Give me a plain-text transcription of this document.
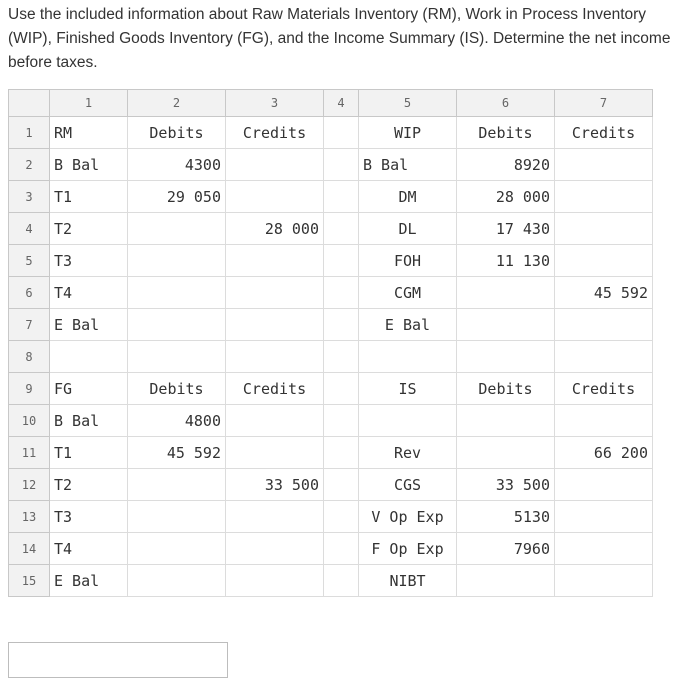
Use the included information about Raw Materials Inventory (RM), Work in Process Inventory (WIP), Finished Goods Inventory (FG), and the Income Summary (IS). Determine the net income before taxes.

	1	2	3	4	5	6	7
1	RM	Debits	Credits		WIP	Debits	Credits
2	B Bal	4300			B Bal	8920	
3	T1	29 050			DM	28 000	
4	T2		28 000		DL	17 430	
5	T3				FOH	11 130	
6	T4				CGM		45 592
7	E Bal				E Bal		
8							
9	FG	Debits	Credits		IS	Debits	Credits
10	B Bal	4800					
11	T1	45 592			Rev		66 200
12	T2		33 500		CGS	33 500	
13	T3				V Op Exp	5130	
14	T4				F Op Exp	7960	
15	E Bal				NIBT		
